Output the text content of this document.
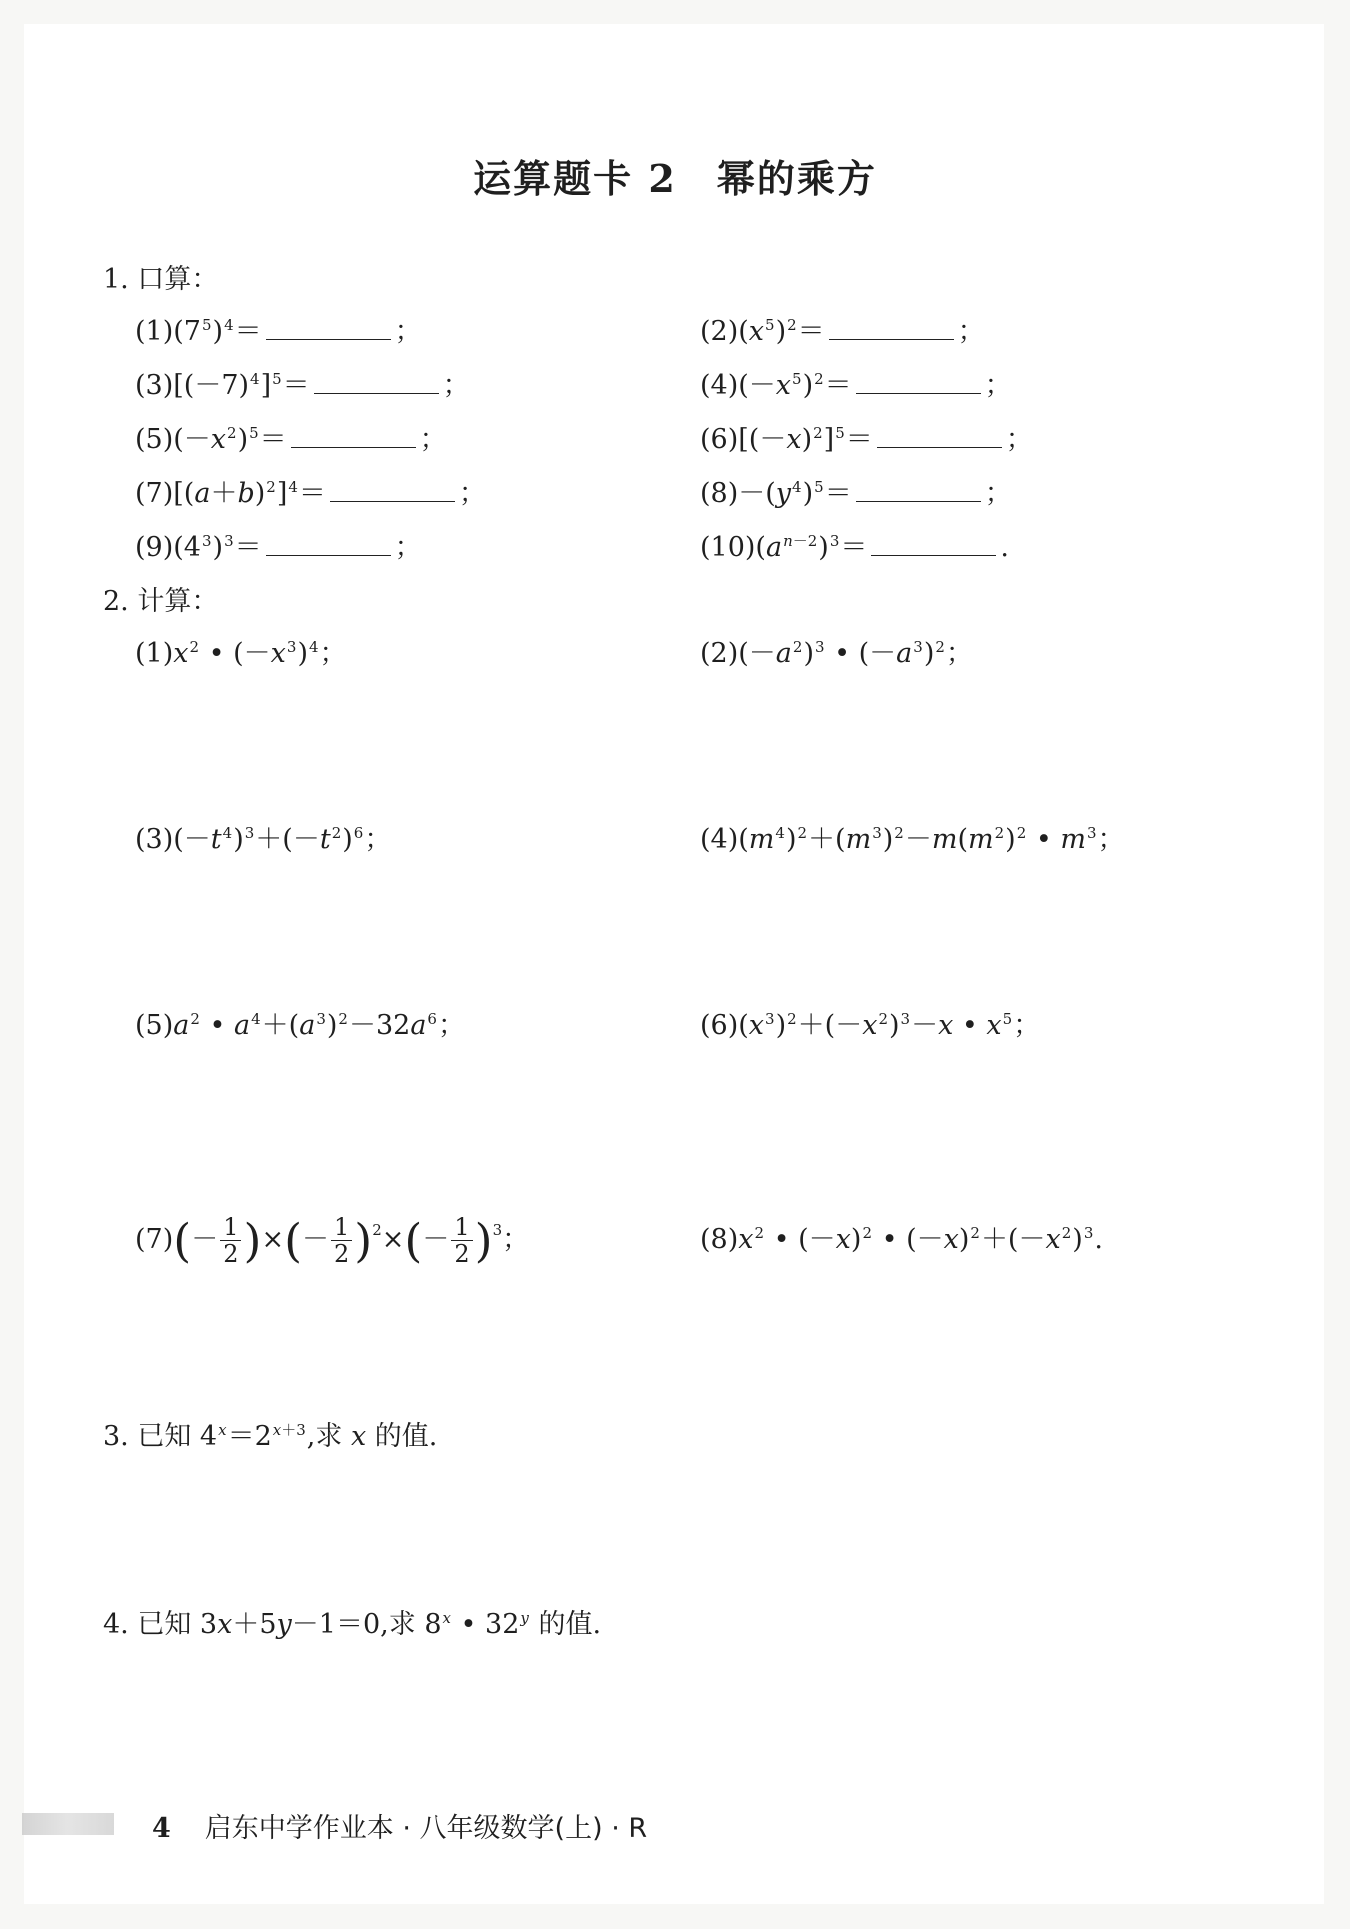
运算题卡 2　幂的乘方
1. 口算：
$(1)(7^5)^4=$	；	$(2)(x^5)^2=$	；
$(3)[(-7)^4]^5=$	；	$(4)(-x^5)^2=$	；
$(5)(-x^2)^5=$	；	$(6)[(-x)^2]^5=$	；
$(7)[(a+b)^2]^4=$	；	$(8)-(y^4)^5=$	；
$(9)(4^3)^3=$	；	$(10)(a^{n-2})^3=$	.
2. 计算：
$(1)x^2$ • $(-x^3)^4$；	$(2)(-a^2)^3$ • $(-a^3)^2$；
$(3)(-t^4)^3+(-t^2)^6$；	$(4)(m^4)^2+(m^3)^2-m(m^2)^2$ • $m^3$；
$(5)a^2$ • $a^4+(a^3)^2-32a^6$；	$(6)(x^3)^2+(-x^2)^3-x$ • $x^5$；
$(7)(- \frac{1}{2}$ )×(－ $\frac{1}{2} )^2\times(- \frac{1}{2} )^3$；	$(8)x^2$ • $(-x)^2$ • $(-x)^2+(-x^2)^3$.
3. 已知 $4^x=2^{x+3}$,求 x 的值.
4. 已知 3x＋5y－1＝0,求 8$^x$ • 32$^y$ 的值.
4 启东中学作业本 · 八年级数学(上) · R
